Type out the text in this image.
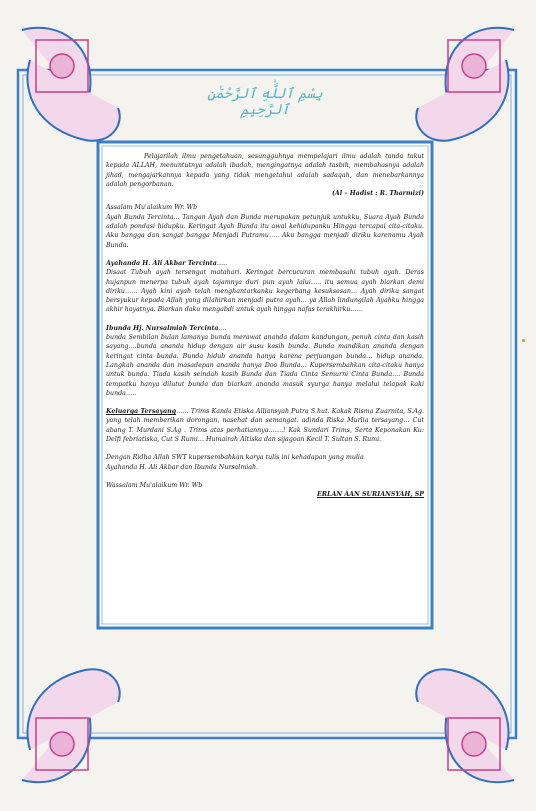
بِسْمِ ٱللَّٰهِ ٱلرَّحْمَٰنِ ٱلرَّحِيمِ

Pelajarilah ilmu pengetahuan, sesungguhnya mempelajari ilmu adalah tanda takut kepada ALLAH, menuntutnya adalah ibadah, mengingatnya adalah tasbih, membahasnya adalah jihad, mengajarkannya kepada yang tidak mengetahui adalah sadaqah, dan menebarkannya adalah pengorbanan.

(Al – Hadist : R. Tharmizi)

Assalam Mu'alaikum Wr. Wb

Ayah Bunda Tercinta… Tangan Ayah dan Bunda merupakan petunjuk untukku, Suara Ayah Bunda adalah pondasi hidupku. Keringat Ayah Bunda itu awal kehidupanku Hingga tercapai cita-citaku. Aku bangga dan sangat bangga Menjadi Putramu….. Aku bangga menjadi diriku karenamu Ayah Bunda.

Ayahanda H. Ali Akbar Tercinta…..

Disaat Tubuh ayah tersengat matahari. Keringat bercucuran membasahi tubuh ayah. Deras hujanpun menerpa tubuh ayah tajamnya duri pun ayah lalui….. itu semua ayah biarkan demi diriku…… Ayah kini ayah telah menghantarkanku kegerbang kesuksesan… Ayah diriku sangat bersyukur kepada Allah yang dilahirkan menjadi putra ayah… ya Allah lindungilah Ayahku hingga akhir hayatnya. Biarkan daku mengabdi untuk ayah hingga nafas terakhirku……

Ibunda Hj. Nursalmiah Tercinta….

bunda Sembilan bulan lamanya bunda merawat ananda dalam kandungan, penuh cinta dan kasih sayang….bunda ananda hidup dengan air susu kasih bunda. Bunda mandikan ananda dengan keringat cinta bunda. Bunda hidub ananda hanya karena perjuangan bunda… hidup ananda. Langkah ananda dan masadepan ananda hanya Doa Bunda… Kupersembahkan cita-citaku hanya untuk bunda. Tiada kasih seindah kasih Bunda dan Tiada Cinta Semurni Cinta Bunda…. Bunda tempatku hanya dilutut bunda dan biarkan ananda masuk syurga hanya melalui telapak kaki bunda…..

Keluarga Tersayang…… Trims Kanda Etiska Alliansyah Putra S.hut. Kakak Risma Zuarnita, S.Ag. yang telah memberikan dorongan, nasehat dan semangat. adinda Riska Murlia tersayang… Cut abang T. Murdani S.Ag . Trims atas perhatiannya…….! Kak Sundari Trims, Serta Keponakan Ku: Delfi febriatiska, Cut S Rumi… Humairah Altiska dan sijagoan Kecil T. Sultan S. Rumi.

Dengan Ridha Allah SWT kupersembahkan karya tulis ini kehadapan yang mulia

Ayahanda H. Ali Akbar dan Ibunda Nursalmiah.

Wassalam Mu'alaikum Wr. Wb

ERLAN AAN SURIANSYAH, SP
